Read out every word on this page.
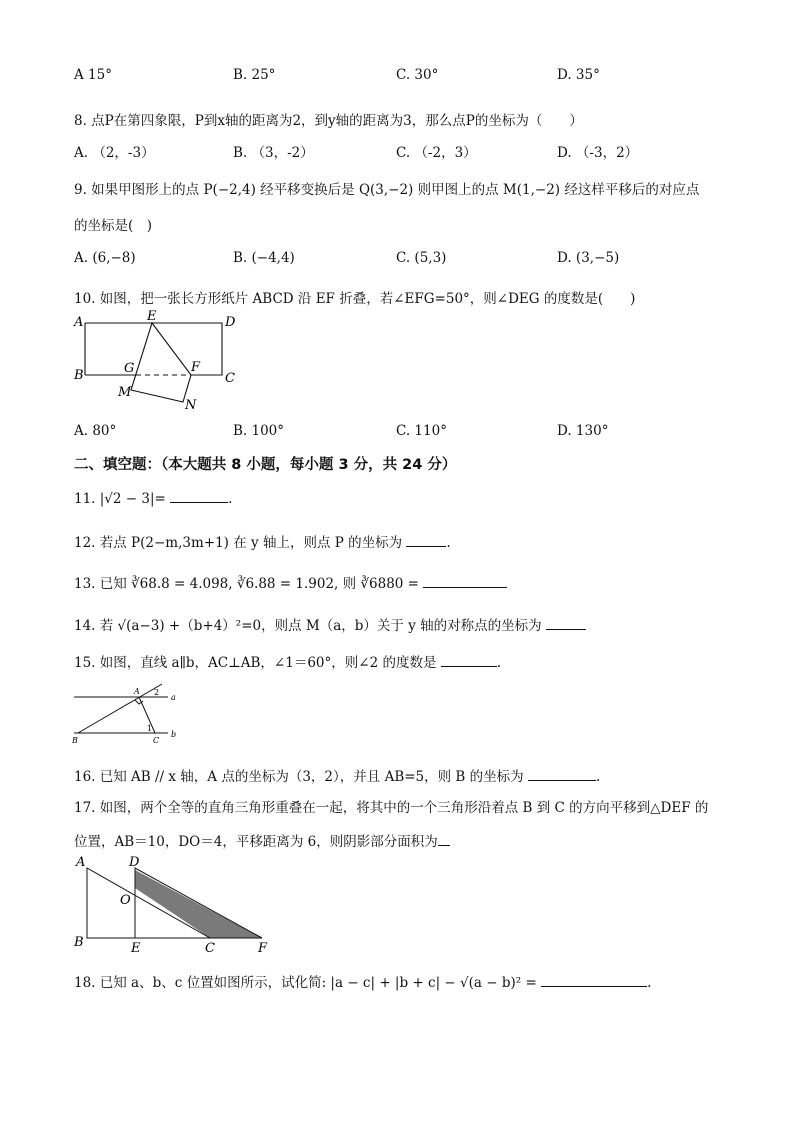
A 15°	B. 25°	C. 30°	D. 35°
8. 点P在第四象限，P到x轴的距离为2，到y轴的距离为3，那么点P的坐标为（　　）
A. （2，-3）	B. （3，-2）	C. （-2，3）	D. （-3，2）
9. 如果甲图形上的点 P(−2,4) 经平移变换后是 Q(3,−2) 则甲图上的点 M(1,−2) 经这样平移后的对应点
的坐标是(　)
A. (6,−8)	B. (−4,4)	C. (5,3)	D. (3,−5)
10. 如图，把一张长方形纸片 ABCD 沿 EF 折叠，若∠EFG=50°，则∠DEG 的度数是(　　)
A	E	D
G	F
B	C
M
N
A. 80°	B. 100°	C. 110°	D. 130°
二、填空题：（本大题共 8 小题，每小题 3 分，共 24 分）
11. |√2 − 3|=	.
12. 若点 P(2−m,3m+1) 在 y 轴上，则点 P 的坐标为	.
13. 已知 ∛68.8 = 4.098, ∛6.88 = 1.902, 则 ∛6880 =
14. 若 √(a−3) +（b+4）²=0，则点 M（a，b）关于 y 轴的对称点的坐标为
15. 如图，直线 a∥b，AC⊥AB，∠1＝60°，则∠2 的度数是	.
A 2
a
1
b
B	C
16. 已知 AB // x 轴，A 点的坐标为（3，2），并且 AB=5，则 B 的坐标为	.
17. 如图，两个全等的直角三角形重叠在一起，将其中的一个三角形沿着点 B 到 C 的方向平移到△DEF 的
位置，AB＝10，DO＝4，平移距离为 6，则阴影部分面积为
A	D
O
B	E	C	F
18. 已知 a、b、c 位置如图所示，试化简: |a − c| + |b + c| − √(a − b)² =	.
